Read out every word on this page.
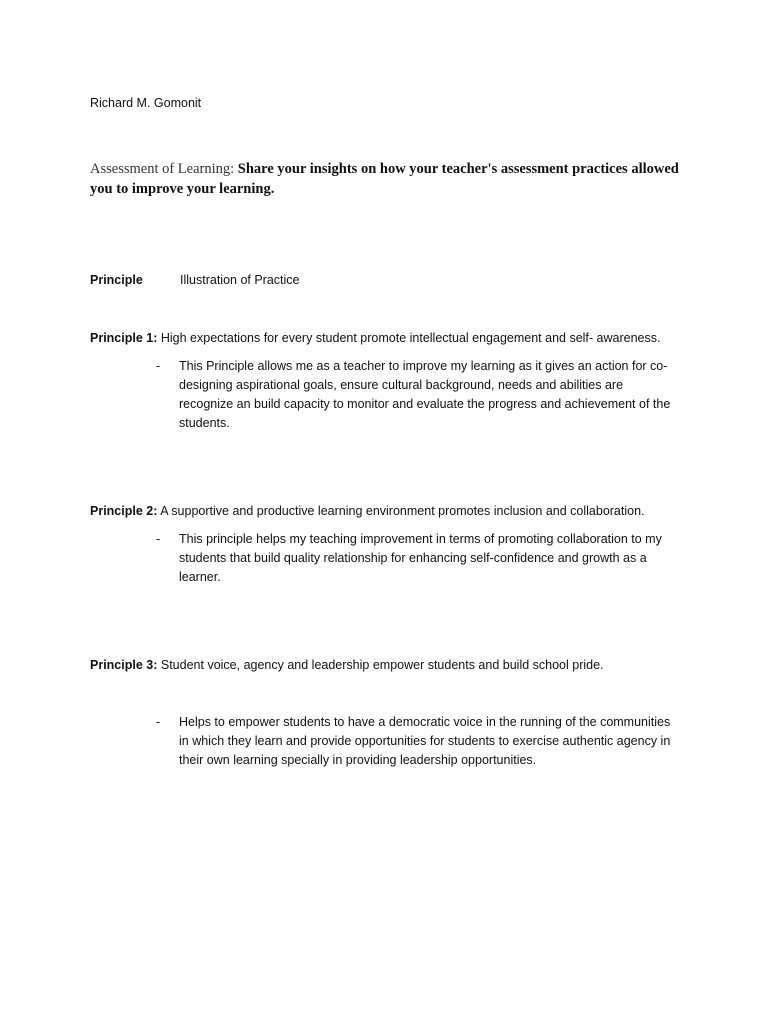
Richard M. Gomonit
Assessment of Learning: Share your insights on how your teacher's assessment practices allowed you to improve your learning.
Principle	Illustration of Practice
Principle 1: High expectations for every student promote intellectual engagement and self- awareness.
- This Principle allows me as a teacher to improve my learning as it gives an action for co-designing aspirational goals, ensure cultural background, needs and abilities are recognize an build capacity to monitor and evaluate the progress and achievement of the students.
Principle 2: A supportive and productive learning environment promotes inclusion and collaboration.
- This principle helps my teaching improvement in terms of promoting collaboration to my students that build quality relationship for enhancing self-confidence and growth as a learner.
Principle 3: Student voice, agency and leadership empower students and build school pride.
- Helps to empower students to have a democratic voice in the running of the communities in which they learn and provide opportunities for students to exercise authentic agency in their own learning specially in providing leadership opportunities.
